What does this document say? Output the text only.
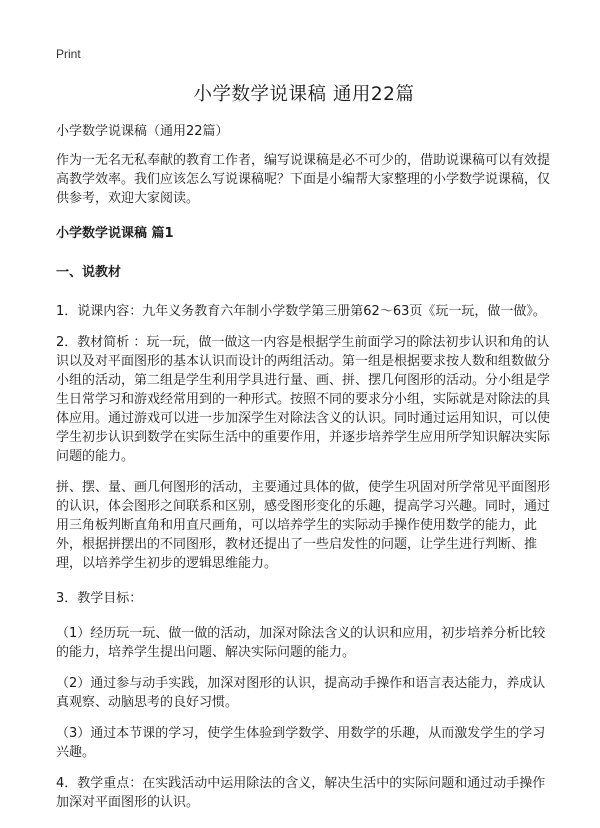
Print
小学数学说课稿 通用22篇

小学数学说课稿（通用22篇）

作为一无名无私奉献的教育工作者，编写说课稿是必不可少的，借助说课稿可以有效提高教学效率。我们应该怎么写说课稿呢？下面是小编帮大家整理的小学数学说课稿，仅供参考，欢迎大家阅读。

小学数学说课稿 篇1

一、说教材

1．说课内容：九年义务教育六年制小学数学第三册第62～63页《玩一玩，做一做》。

2．教材简析 ：玩一玩，做一做这一内容是根据学生前面学习的除法初步认识和角的认识以及对平面图形的基本认识而设计的两组活动。第一组是根据要求按人数和组数做分小组的活动，第二组是学生利用学具进行量、画、拼、摆几何图形的活动。分小组是学生日常学习和游戏经常用到的一种形式。按照不同的要求分小组，实际就是对除法的具体应用。通过游戏可以进一步加深学生对除法含义的认识。同时通过运用知识，可以使学生初步认识到数学在实际生活中的重要作用，并逐步培养学生应用所学知识解决实际问题的能力。

拼、摆、量、画几何图形的活动，主要通过具体的做，使学生巩固对所学常见平面图形的认识，体会图形之间联系和区别，感受图形变化的乐趣，提高学习兴趣。同时，通过用三角板判断直角和用直尺画角，可以培养学生的实际动手操作使用数学的能力，此外，根据拼摆出的不同图形，教材还提出了一些启发性的问题，让学生进行判断、推理，以培养学生初步的逻辑思维能力。

3．教学目标：

（1）经历玩一玩、做一做的活动，加深对除法含义的认识和应用，初步培养分析比较的能力，培养学生提出问题、解决实际问题的能力。

（2）通过参与动手实践，加深对图形的认识，提高动手操作和语言表达能力，养成认真观察、动脑思考的良好习惯。

（3）通过本节课的学习，使学生体验到学数学、用数学的乐趣，从而激发学生的学习兴趣。

4．教学重点：在实践活动中运用除法的含义，解决生活中的实际问题和通过动手操作加深对平面图形的认识。
